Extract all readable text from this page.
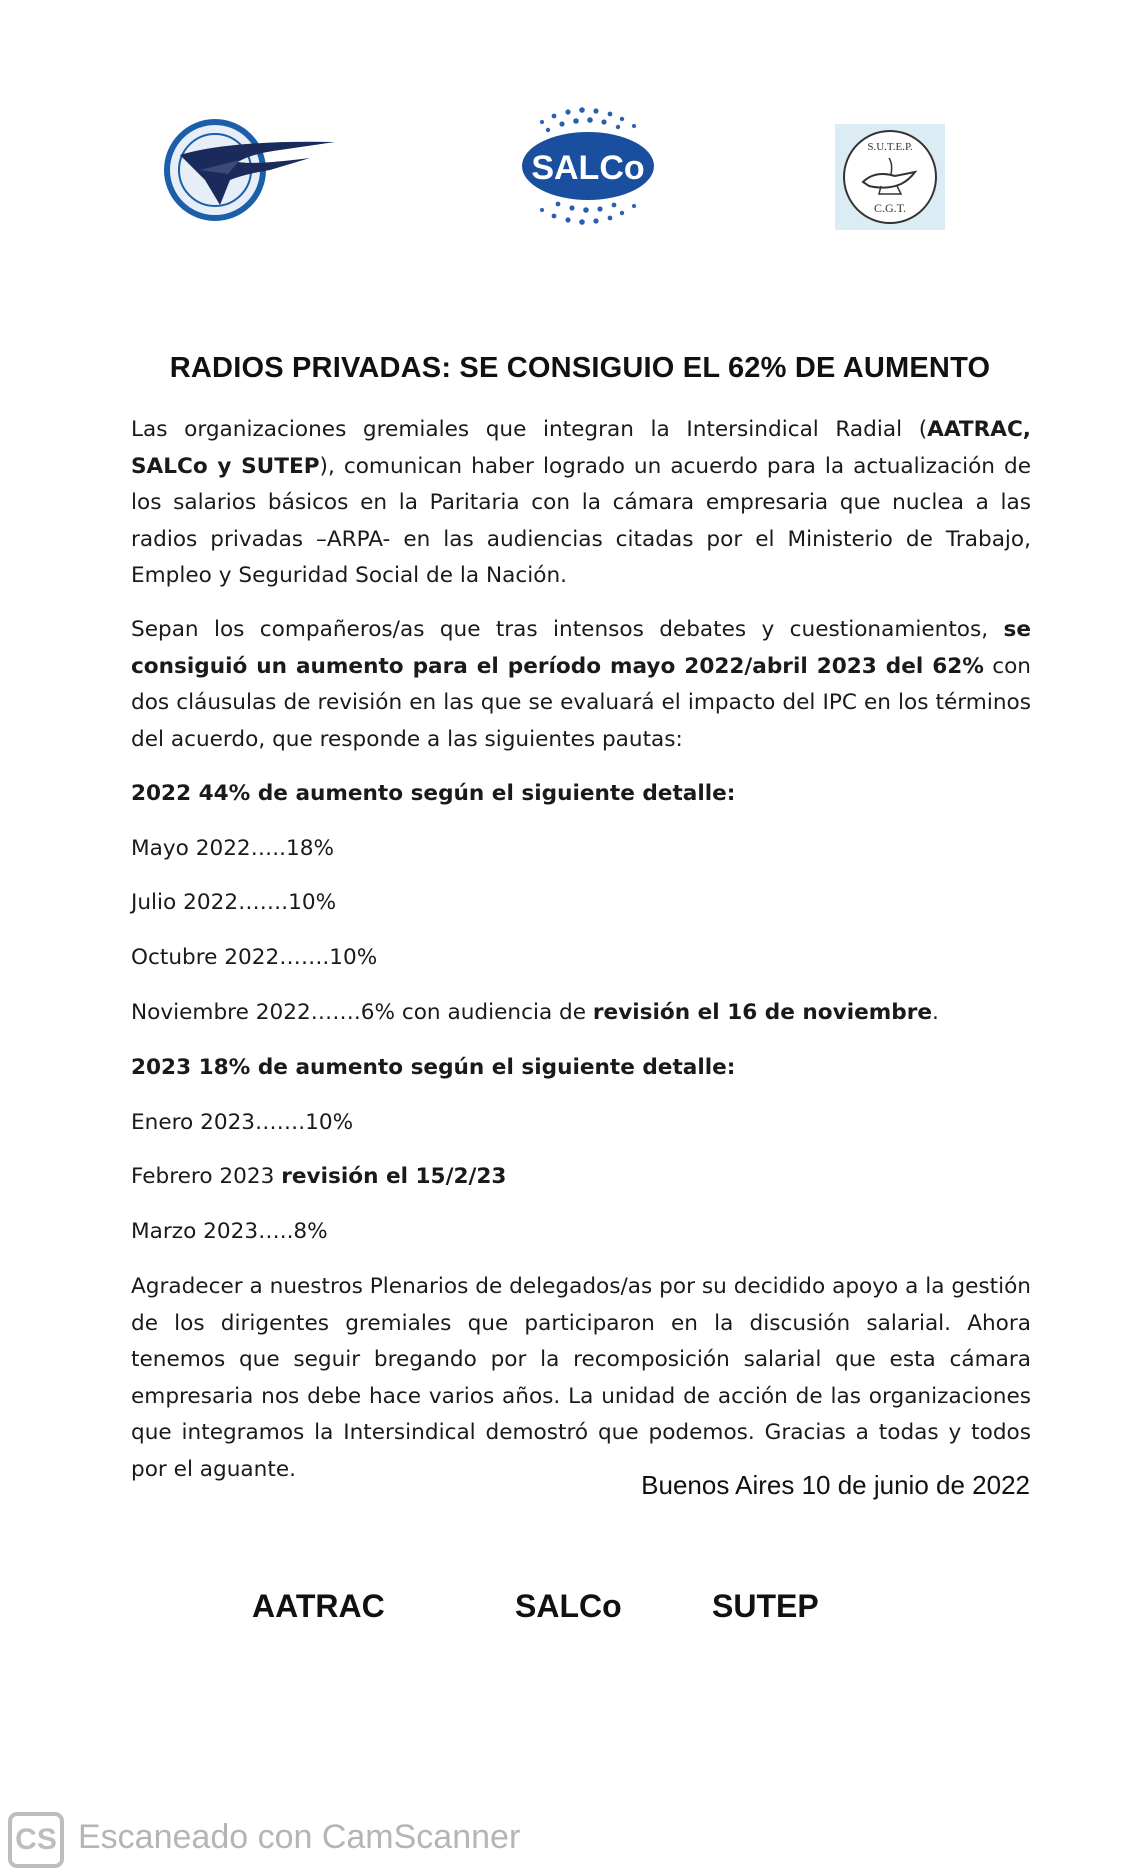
SALCo
S.U.T.E.P.
C.G.T.
RADIOS PRIVADAS: SE CONSIGUIO EL 62% DE AUMENTO
Las organizaciones gremiales que integran la Intersindical Radial (AATRAC, SALCo y SUTEP), comunican haber logrado un acuerdo para la actualización de los salarios básicos en la Paritaria con la cámara empresaria que nuclea a las radios privadas –ARPA- en las audiencias citadas por el Ministerio de Trabajo, Empleo y Seguridad Social de la Nación.
Sepan los compañeros/as que tras intensos debates y cuestionamientos, se consiguió un aumento para el período mayo 2022/abril 2023 del 62% con dos cláusulas de revisión en las que se evaluará el impacto del IPC en los términos del acuerdo, que responde a las siguientes pautas:
2022 44% de aumento según el siguiente detalle:
Mayo 2022…..18%
Julio 2022…….10%
Octubre 2022…….10%
Noviembre 2022…….6% con audiencia de revisión el 16 de noviembre.
2023 18% de aumento según el siguiente detalle:
Enero 2023…….10%
Febrero 2023 revisión el 15/2/23
Marzo 2023…..8%
Agradecer a nuestros Plenarios de delegados/as por su decidido apoyo a la gestión de los dirigentes gremiales que participaron en la discusión salarial. Ahora tenemos que seguir bregando por la recomposición salarial que esta cámara empresaria nos debe hace varios años. La unidad de acción de las organizaciones que integramos la Intersindical demostró que podemos. Gracias a todas y todos por el aguante.
Buenos Aires 10 de junio de 2022
AATRAC	SALCo	SUTEP
CS Escaneado con CamScanner
